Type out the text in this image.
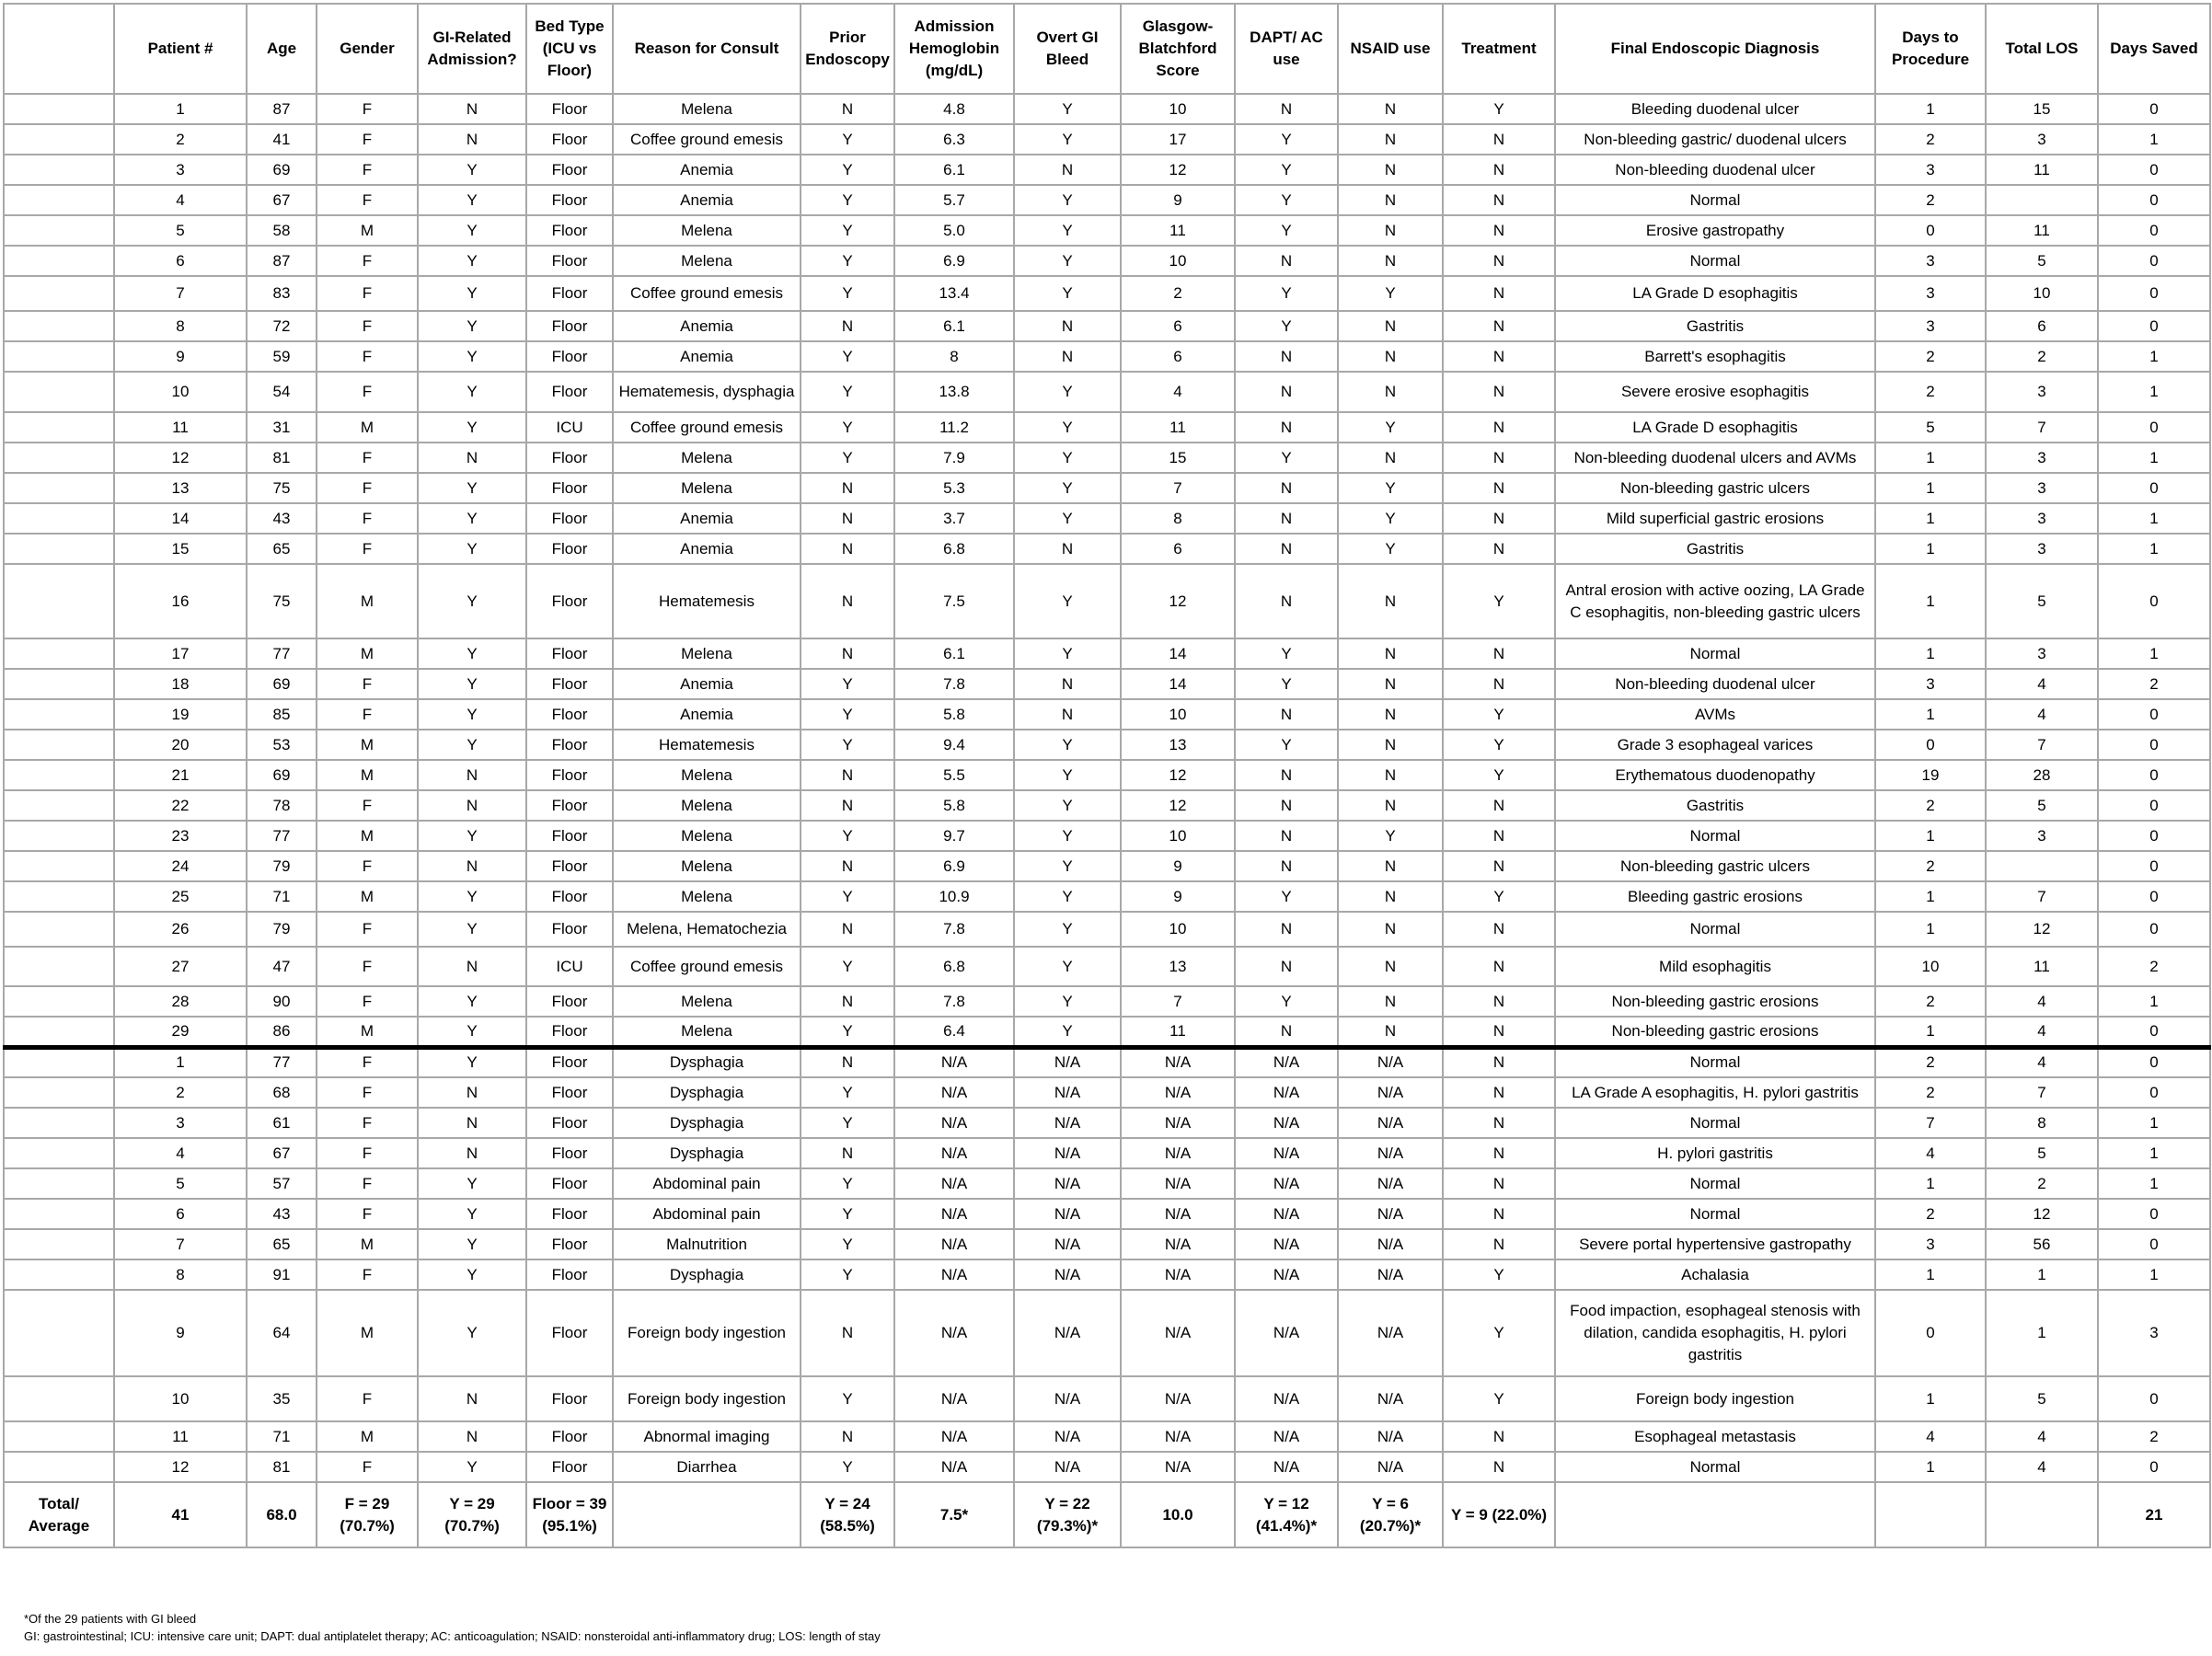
	Patient #	Age	Gender	GI-Related Admission?	Bed Type (ICU vs Floor)	Reason for Consult	Prior Endoscopy	Admission Hemoglobin (mg/dL)	Overt GI Bleed	Glasgow-Blatchford Score	DAPT/ AC use	NSAID use	Treatment	Final Endoscopic Diagnosis	Days to Procedure	Total LOS	Days Saved
	1	87	F	N	Floor	Melena	N	4.8	Y	10	N	N	Y	Bleeding duodenal ulcer	1	15	0
	2	41	F	N	Floor	Coffee ground emesis	Y	6.3	Y	17	Y	N	N	Non-bleeding gastric/ duodenal ulcers	2	3	1
	3	69	F	Y	Floor	Anemia	Y	6.1	N	12	Y	N	N	Non-bleeding duodenal ulcer	3	11	0
	4	67	F	Y	Floor	Anemia	Y	5.7	Y	9	Y	N	N	Normal	2		0
	5	58	M	Y	Floor	Melena	Y	5.0	Y	11	Y	N	N	Erosive gastropathy	0	11	0
	6	87	F	Y	Floor	Melena	Y	6.9	Y	10	N	N	N	Normal	3	5	0
	7	83	F	Y	Floor	Coffee ground emesis	Y	13.4	Y	2	Y	Y	N	LA Grade D esophagitis	3	10	0
	8	72	F	Y	Floor	Anemia	N	6.1	N	6	Y	N	N	Gastritis	3	6	0
	9	59	F	Y	Floor	Anemia	Y	8	N	6	N	N	N	Barrett's esophagitis	2	2	1
	10	54	F	Y	Floor	Hematemesis, dysphagia	Y	13.8	Y	4	N	N	N	Severe erosive esophagitis	2	3	1
	11	31	M	Y	ICU	Coffee ground emesis	Y	11.2	Y	11	N	Y	N	LA Grade D esophagitis	5	7	0
	12	81	F	N	Floor	Melena	Y	7.9	Y	15	Y	N	N	Non-bleeding duodenal ulcers and AVMs	1	3	1
	13	75	F	Y	Floor	Melena	N	5.3	Y	7	N	Y	N	Non-bleeding gastric ulcers	1	3	0
	14	43	F	Y	Floor	Anemia	N	3.7	Y	8	N	Y	N	Mild superficial gastric erosions	1	3	1
	15	65	F	Y	Floor	Anemia	N	6.8	N	6	N	Y	N	Gastritis	1	3	1
	16	75	M	Y	Floor	Hematemesis	N	7.5	Y	12	N	N	Y	Antral erosion with active oozing, LA Grade C esophagitis, non-bleeding gastric ulcers	1	5	0
	17	77	M	Y	Floor	Melena	N	6.1	Y	14	Y	N	N	Normal	1	3	1
	18	69	F	Y	Floor	Anemia	Y	7.8	N	14	Y	N	N	Non-bleeding duodenal ulcer	3	4	2
	19	85	F	Y	Floor	Anemia	Y	5.8	N	10	N	N	Y	AVMs	1	4	0
	20	53	M	Y	Floor	Hematemesis	Y	9.4	Y	13	Y	N	Y	Grade 3 esophageal varices	0	7	0
	21	69	M	N	Floor	Melena	N	5.5	Y	12	N	N	Y	Erythematous duodenopathy	19	28	0
	22	78	F	N	Floor	Melena	N	5.8	Y	12	N	N	N	Gastritis	2	5	0
	23	77	M	Y	Floor	Melena	Y	9.7	Y	10	N	Y	N	Normal	1	3	0
	24	79	F	N	Floor	Melena	N	6.9	Y	9	N	N	N	Non-bleeding gastric ulcers	2		0
	25	71	M	Y	Floor	Melena	Y	10.9	Y	9	Y	N	Y	Bleeding gastric erosions	1	7	0
	26	79	F	Y	Floor	Melena, Hematochezia	N	7.8	Y	10	N	N	N	Normal	1	12	0
	27	47	F	N	ICU	Coffee ground emesis	Y	6.8	Y	13	N	N	N	Mild esophagitis	10	11	2
	28	90	F	Y	Floor	Melena	N	7.8	Y	7	Y	N	N	Non-bleeding gastric erosions	2	4	1
	29	86	M	Y	Floor	Melena	Y	6.4	Y	11	N	N	N	Non-bleeding gastric erosions	1	4	0
	1	77	F	Y	Floor	Dysphagia	N	N/A	N/A	N/A	N/A	N/A	N	Normal	2	4	0
	2	68	F	N	Floor	Dysphagia	Y	N/A	N/A	N/A	N/A	N/A	N	LA Grade A esophagitis, H. pylori gastritis	2	7	0
	3	61	F	N	Floor	Dysphagia	Y	N/A	N/A	N/A	N/A	N/A	N	Normal	7	8	1
	4	67	F	N	Floor	Dysphagia	N	N/A	N/A	N/A	N/A	N/A	N	H. pylori gastritis	4	5	1
	5	57	F	Y	Floor	Abdominal pain	Y	N/A	N/A	N/A	N/A	N/A	N	Normal	1	2	1
	6	43	F	Y	Floor	Abdominal pain	Y	N/A	N/A	N/A	N/A	N/A	N	Normal	2	12	0
	7	65	M	Y	Floor	Malnutrition	Y	N/A	N/A	N/A	N/A	N/A	N	Severe portal hypertensive gastropathy	3	56	0
	8	91	F	Y	Floor	Dysphagia	Y	N/A	N/A	N/A	N/A	N/A	Y	Achalasia	1	1	1
	9	64	M	Y	Floor	Foreign body ingestion	N	N/A	N/A	N/A	N/A	N/A	Y	Food impaction, esophageal stenosis with dilation, candida esophagitis, H. pylori gastritis	0	1	3
	10	35	F	N	Floor	Foreign body ingestion	Y	N/A	N/A	N/A	N/A	N/A	Y	Foreign body ingestion	1	5	0
	11	71	M	N	Floor	Abnormal imaging	N	N/A	N/A	N/A	N/A	N/A	N	Esophageal metastasis	4	4	2
	12	81	F	Y	Floor	Diarrhea	Y	N/A	N/A	N/A	N/A	N/A	N	Normal	1	4	0
Total/ Average	41	68.0	F = 29 (70.7%)	Y = 29 (70.7%)	Floor = 39 (95.1%)		Y = 24 (58.5%)	7.5*	Y = 22 (79.3%)*	10.0	Y = 12 (41.4%)*	Y = 6 (20.7%)*	Y = 9 (22.0%)				21
*Of the 29 patients with GI bleed
GI: gastrointestinal; ICU: intensive care unit; DAPT: dual antiplatelet therapy; AC: anticoagulation; NSAID: nonsteroidal anti-inflammatory drug; LOS: length of stay
